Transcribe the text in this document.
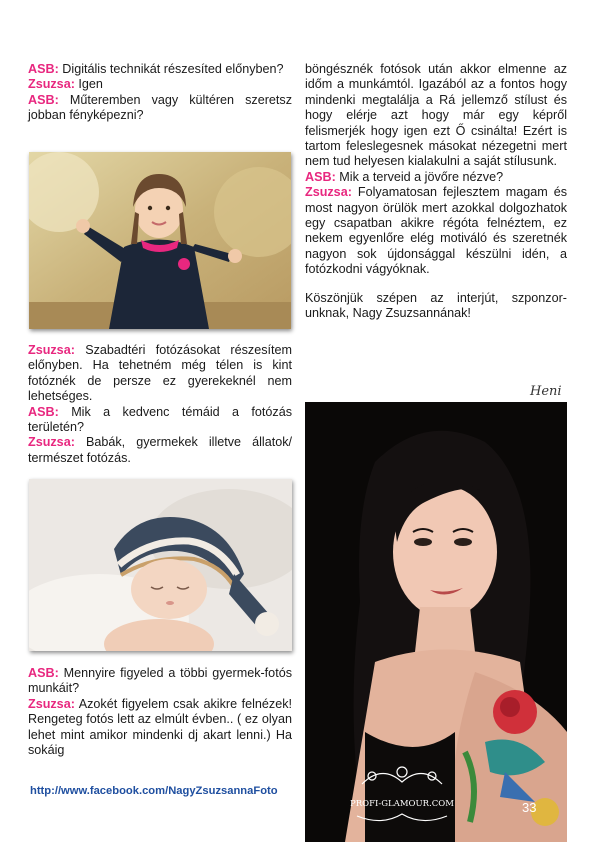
ASB: Digitális technikát részesíted előnyben?

Zsuzsa: Igen

ASB: Műteremben vagy kültéren szeretsz jobban fényképezni?

Zsuzsa: Szabadtéri fotózásokat részesítem előnyben. Ha tehetném még télen is kint fotóznék de persze ez gyerekeknél nem lehetséges.

ASB: Mik a kedvenc témáid a fotózás területén?

Zsuzsa: Babák, gyermekek illetve állatok/ természet fotózás.

ASB: Mennyire figyeled a többi gyermek-fotós munkáit?

Zsuzsa: Azokét figyelem csak akikre felnézek! Rengeteg fotós lett az elmúlt évben.. ( ez olyan lehet mint amikor mindenki dj akart lenni.) Ha sokáig

http://www.facebook.com/NagyZsuzsannaFoto

böngésznék fotósok után akkor elmenne az időm a munkámtól. Igazából az a fontos hogy mindenki megtalálja a Rá jellemző stílust és hogy elérje azt hogy már egy képről felismerjék hogy igen ezt Ő csinálta! Ezért is tartom feleslegesnek másokat nézegetni mert nem tud helyesen kialakulni a saját stílusunk.

ASB: Mik a terveid a jövőre nézve?

Zsuzsa: Folyamatosan fejlesztem magam és most nagyon örülök mert azokkal dolgozhatok egy csapatban akikre régóta felnéztem, ez nekem egyenlőre elég motiváló és szeretnék nagyon sok újdonsággal készülni idén, a fotózkodni vágyóknak.

Köszönjük szépen az interjút, szponzor-unknak, Nagy Zsuzsannának!

Heni
PROFI-GLAMOUR.COM	33
